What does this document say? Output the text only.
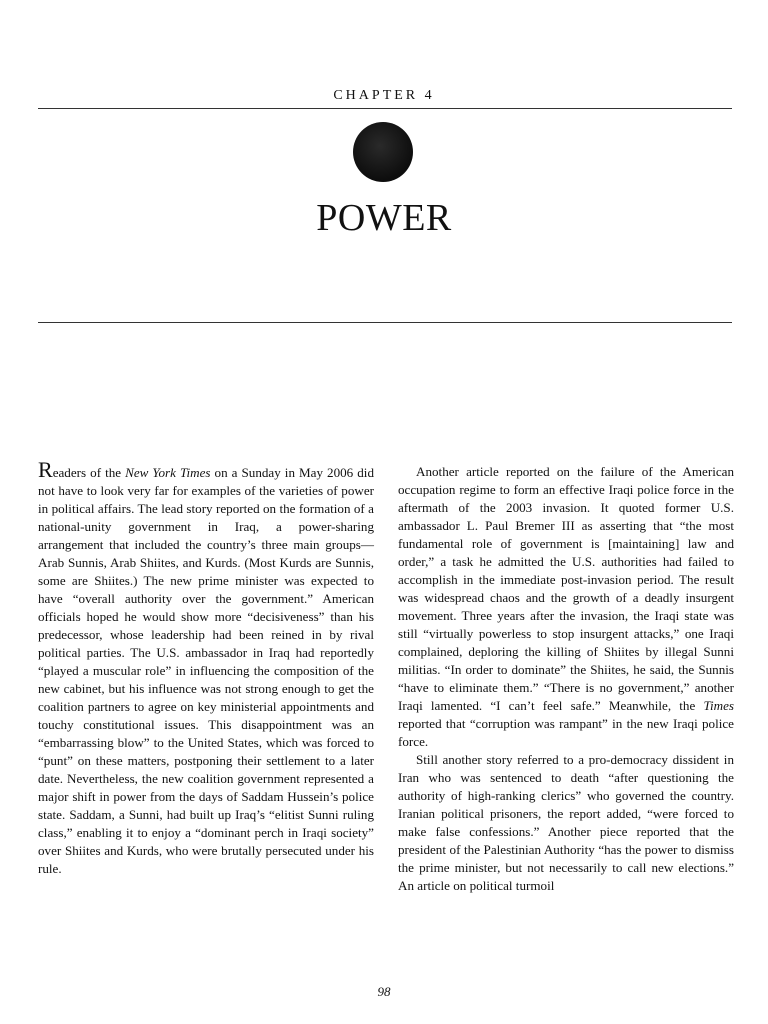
CHAPTER 4
POWER

Readers of the New York Times on a Sunday in May 2006 did not have to look very far for examples of the varieties of power in political affairs. The lead story reported on the formation of a national-unity government in Iraq, a power-sharing arrangement that included the country’s three main groups—Arab Sunnis, Arab Shiites, and Kurds. (Most Kurds are Sunnis, some are Shiites.) The new prime minister was expected to have “overall authority over the government.” American officials hoped he would show more “decisiveness” than his predecessor, whose leadership had been reined in by rival political parties. The U.S. ambassador in Iraq had reportedly “played a muscular role” in influencing the composition of the new cabinet, but his influence was not strong enough to get the coalition partners to agree on key ministerial appointments and touchy constitutional issues. This disappointment was an “embarrassing blow” to the United States, which was forced to “punt” on these matters, postponing their settlement to a later date. Nevertheless, the new coalition government represented a major shift in power from the days of Saddam Hussein’s police state. Saddam, a Sunni, had built up Iraq’s “elitist Sunni ruling class,” enabling it to enjoy a “dominant perch in Iraqi society” over Shiites and Kurds, who were brutally persecuted under his rule.

Another article reported on the failure of the American occupation regime to form an effective Iraqi police force in the aftermath of the 2003 invasion. It quoted former U.S. ambassador L. Paul Bremer III as asserting that “the most fundamental role of government is [maintaining] law and order,” a task he admitted the U.S. authorities had failed to accomplish in the immediate post-invasion period. The result was widespread chaos and the growth of a deadly insurgent movement. Three years after the invasion, the Iraqi state was still “virtually powerless to stop insurgent attacks,” one Iraqi complained, deploring the killing of Shiites by illegal Sunni militias. “In order to dominate” the Shiites, he said, the Sunnis “have to eliminate them.” “There is no government,” another Iraqi lamented. “I can’t feel safe.” Meanwhile, the Times reported that “corruption was rampant” in the new Iraqi police force.

Still another story referred to a pro-democracy dissident in Iran who was sentenced to death “after questioning the authority of high-ranking clerics” who governed the country. Iranian political prisoners, the report added, “were forced to make false confessions.” Another piece reported that the president of the Palestinian Authority “has the power to dismiss the prime minister, but not necessarily to call new elections.” An article on political turmoil

98
